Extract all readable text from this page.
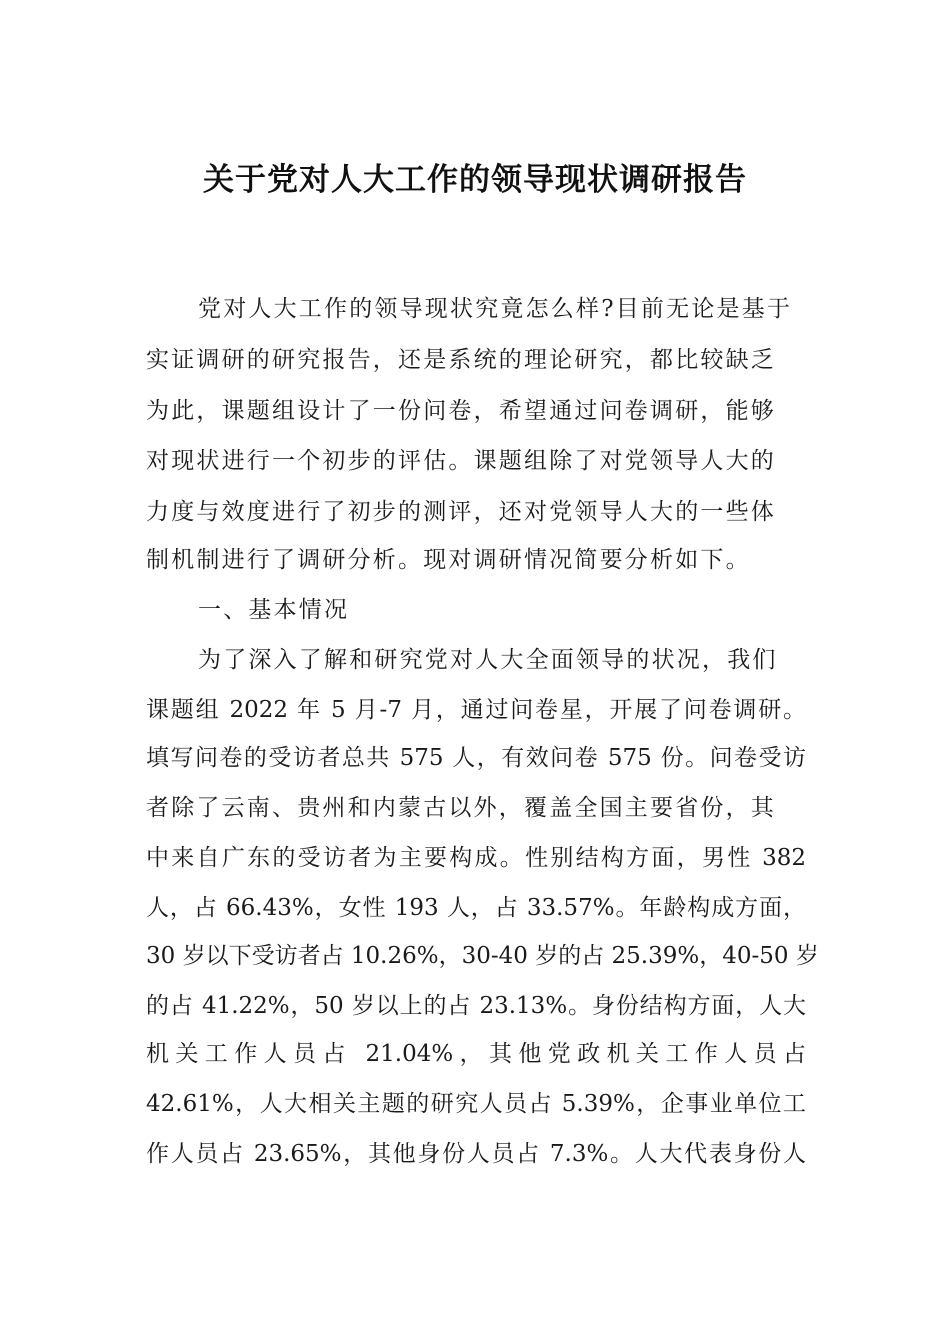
关于党对人大工作的领导现状调研报告
党对人大工作的领导现状究竟怎么样?目前无论是基于
实证调研的研究报告，还是系统的理论研究，都比较缺乏
为此，课题组设计了一份问卷，希望通过问卷调研，能够
对现状进行一个初步的评估。课题组除了对党领导人大的
力度与效度进行了初步的测评，还对党领导人大的一些体
制机制进行了调研分析。现对调研情况简要分析如下。
一、基本情况
为了深入了解和研究党对人大全面领导的状况，我们
课题组 2022 年 5 月-7 月，通过问卷星，开展了问卷调研。
填写问卷的受访者总共 575 人，有效问卷 575 份。问卷受访
者除了云南、贵州和内蒙古以外，覆盖全国主要省份，其
中来自广东的受访者为主要构成。性别结构方面，男性 382
人，占 66.43%，女性 193 人，占 33.57%。年龄构成方面，
30 岁以下受访者占 10.26%，30-40 岁的占 25.39%，40-50 岁
的占 41.22%，50 岁以上的占 23.13%。身份结构方面，人大
机关工作人员占 21.04%，其他党政机关工作人员占
42.61%，人大相关主题的研究人员占 5.39%，企事业单位工
作人员占 23.65%，其他身份人员占 7.3%。人大代表身份人
